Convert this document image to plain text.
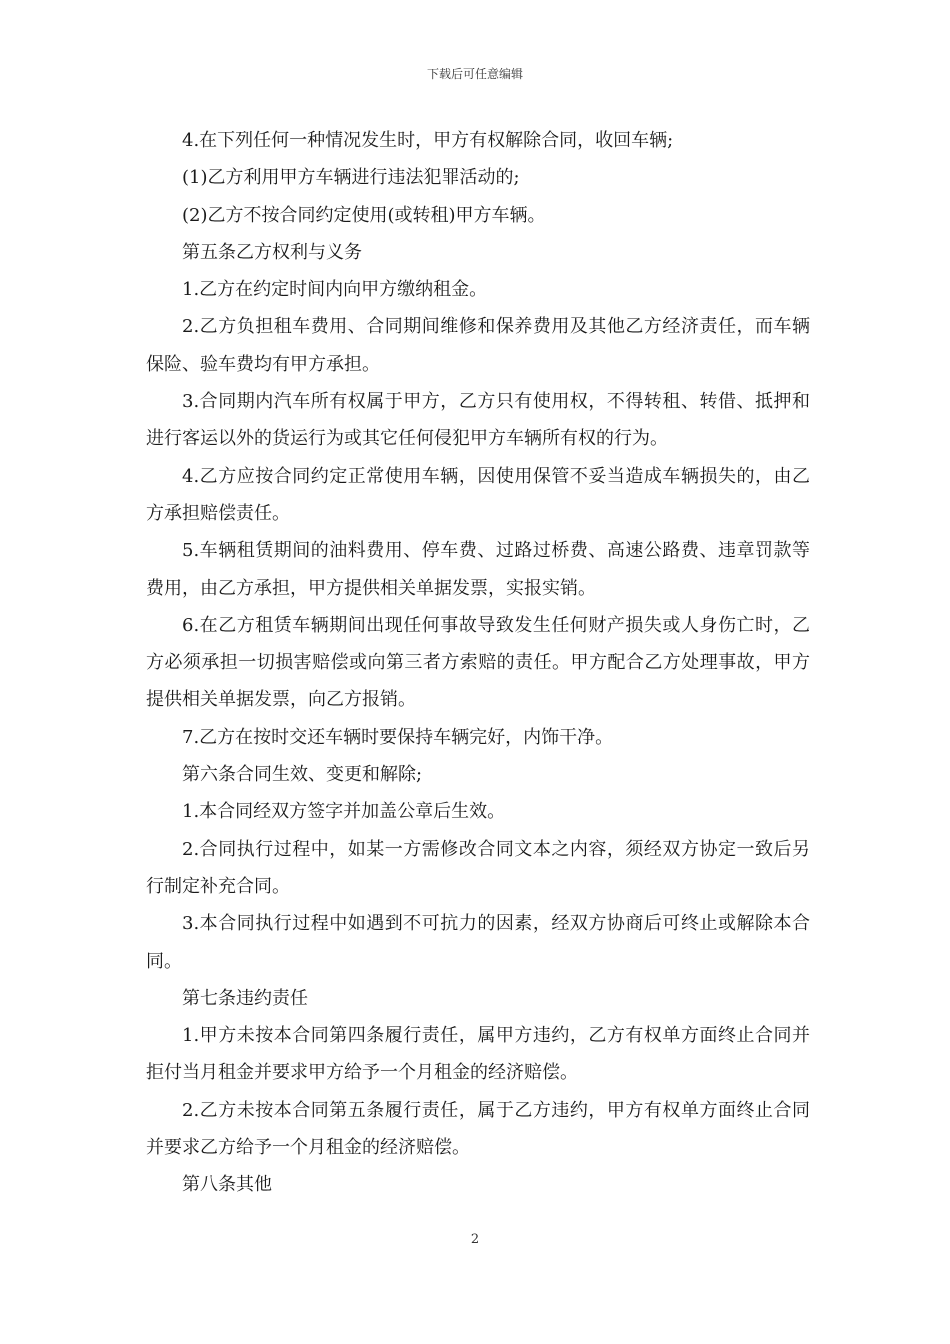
下载后可任意编辑

4.在下列任何一种情况发生时，甲方有权解除合同，收回车辆;

(1)乙方利用甲方车辆进行违法犯罪活动的;

(2)乙方不按合同约定使用(或转租)甲方车辆。

第五条乙方权利与义务

1.乙方在约定时间内向甲方缴纳租金。

2.乙方负担租车费用、合同期间维修和保养费用及其他乙方经济责任，而车辆保险、验车费均有甲方承担。

3.合同期内汽车所有权属于甲方，乙方只有使用权，不得转租、转借、抵押和进行客运以外的货运行为或其它任何侵犯甲方车辆所有权的行为。

4.乙方应按合同约定正常使用车辆，因使用保管不妥当造成车辆损失的，由乙方承担赔偿责任。

5.车辆租赁期间的油料费用、停车费、过路过桥费、高速公路费、违章罚款等费用，由乙方承担，甲方提供相关单据发票，实报实销。

6.在乙方租赁车辆期间出现任何事故导致发生任何财产损失或人身伤亡时，乙方必须承担一切损害赔偿或向第三者方索赔的责任。甲方配合乙方处理事故，甲方提供相关单据发票，向乙方报销。

7.乙方在按时交还车辆时要保持车辆完好，内饰干净。

第六条合同生效、变更和解除;

1.本合同经双方签字并加盖公章后生效。

2.合同执行过程中，如某一方需修改合同文本之内容，须经双方协定一致后另行制定补充合同。

3.本合同执行过程中如遇到不可抗力的因素，经双方协商后可终止或解除本合同。

第七条违约责任

1.甲方未按本合同第四条履行责任，属甲方违约，乙方有权单方面终止合同并拒付当月租金并要求甲方给予一个月租金的经济赔偿。

2.乙方未按本合同第五条履行责任，属于乙方违约，甲方有权单方面终止合同并要求乙方给予一个月租金的经济赔偿。

第八条其他

2
